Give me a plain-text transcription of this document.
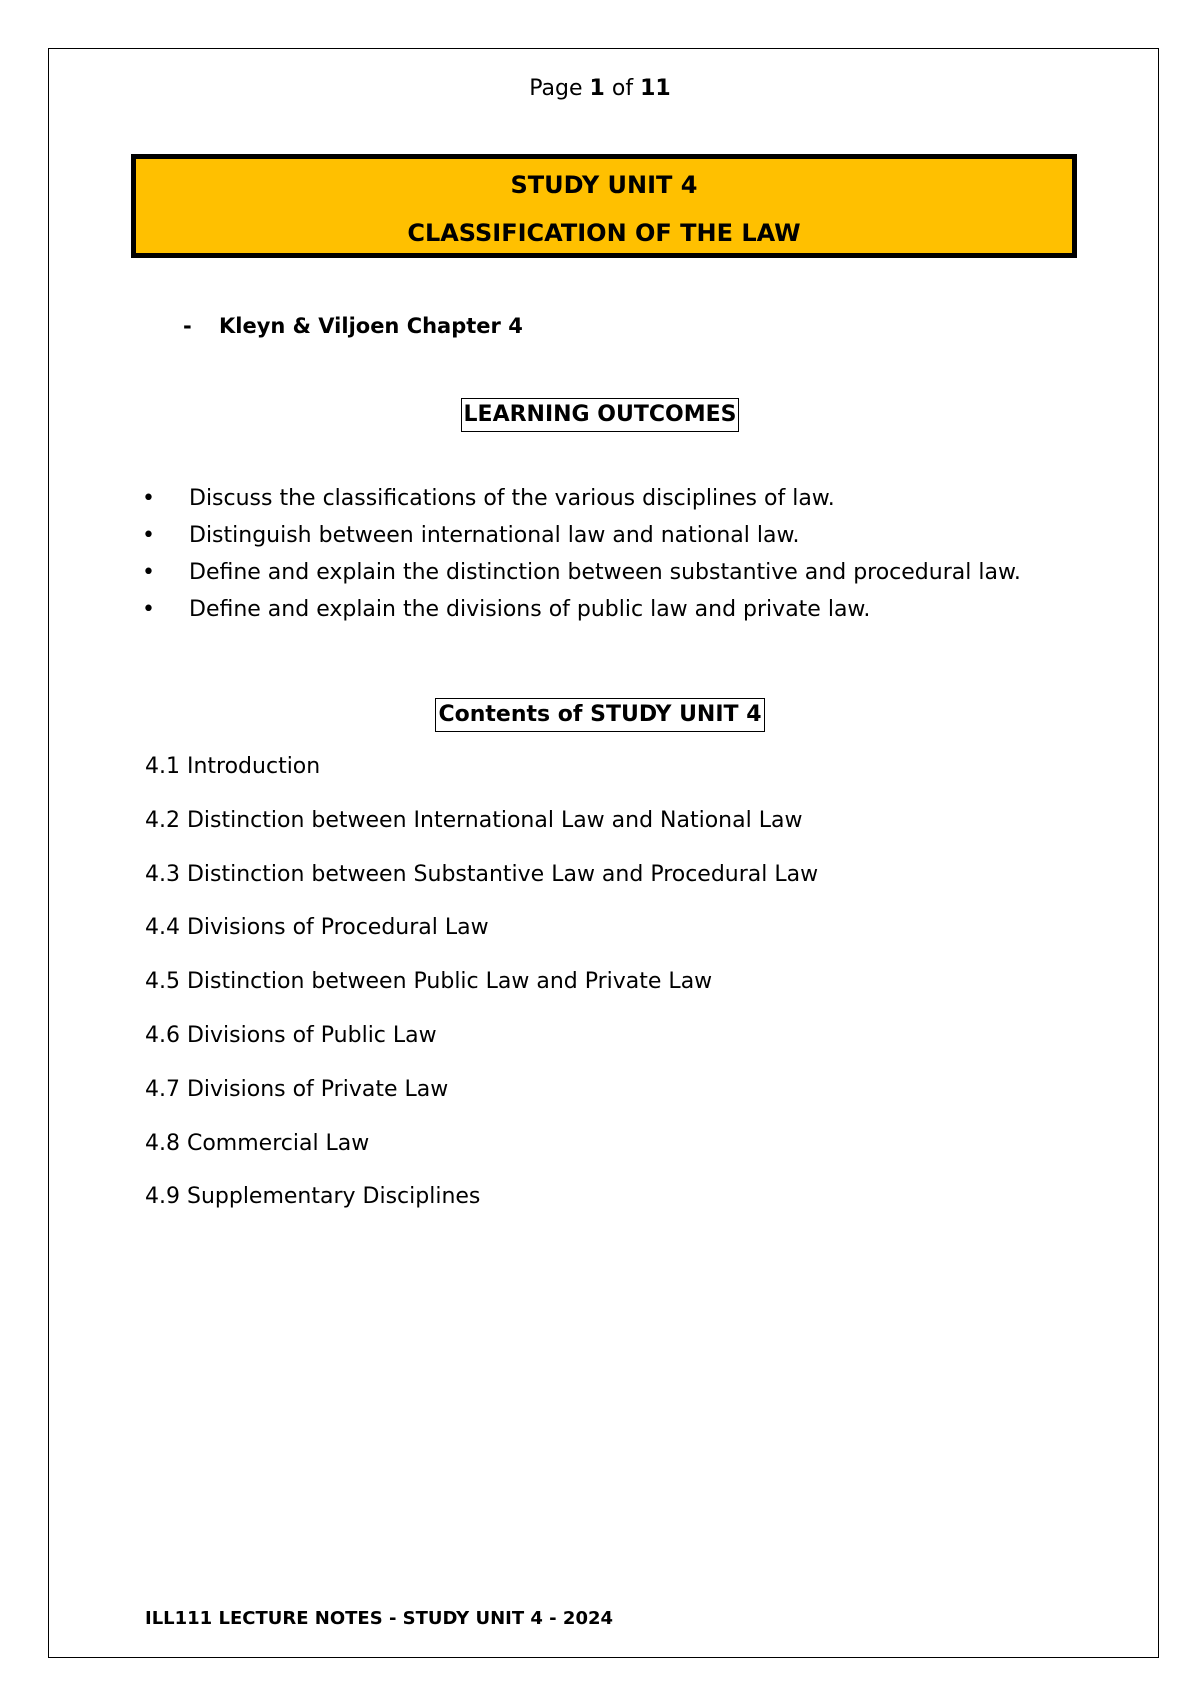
Page 1 of 11
STUDY UNIT 4
CLASSIFICATION OF THE LAW
- Kleyn & Viljoen Chapter 4
LEARNING OUTCOMES
• Discuss the classifications of the various disciplines of law.
• Distinguish between international law and national law.
• Define and explain the distinction between substantive and procedural law.
• Define and explain the divisions of public law and private law.
Contents of STUDY UNIT 4
4.1 Introduction
4.2 Distinction between International Law and National Law
4.3 Distinction between Substantive Law and Procedural Law
4.4 Divisions of Procedural Law
4.5 Distinction between Public Law and Private Law
4.6 Divisions of Public Law
4.7 Divisions of Private Law
4.8 Commercial Law
4.9 Supplementary Disciplines
ILL111 LECTURE NOTES - STUDY UNIT 4 - 2024
